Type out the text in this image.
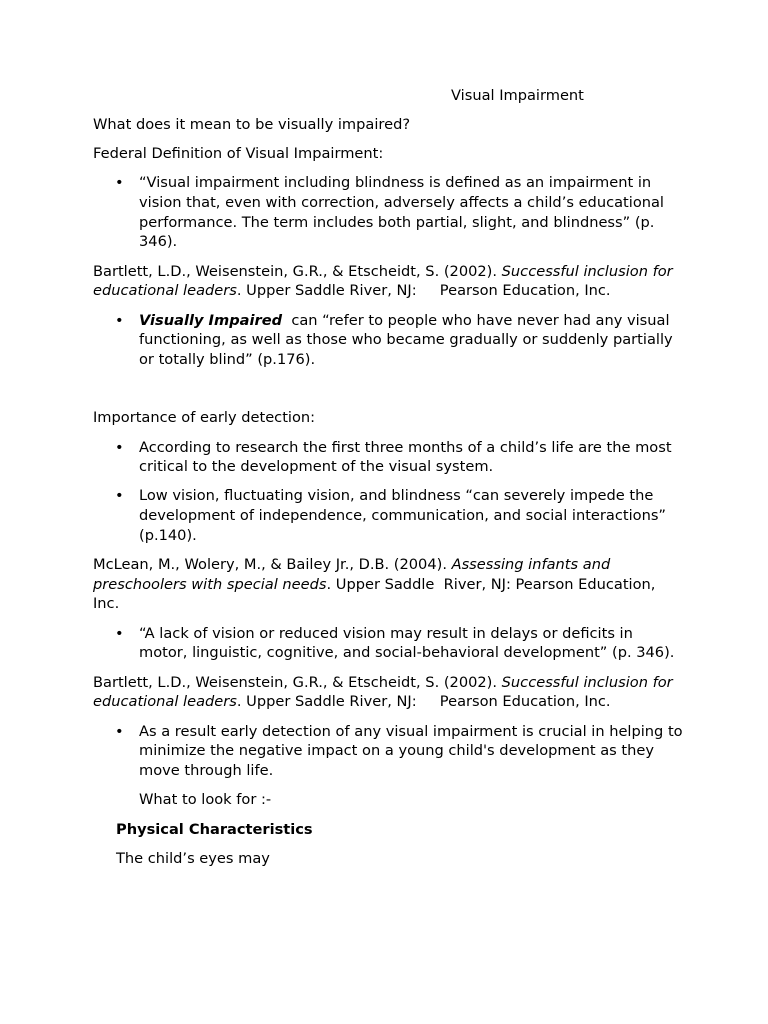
Visual Impairment

What does it mean to be visually impaired?

Federal Definition of Visual Impairment:

• “Visual impairment including blindness is defined as an impairment in vision that, even with correction, adversely affects a child’s educational performance. The term includes both partial, slight, and blindness” (p. 346).

Bartlett, L.D., Weisenstein, G.R., & Etscheidt, S. (2002). Successful inclusion for educational leaders. Upper Saddle River, NJ:     Pearson Education, Inc.

• Visually Impaired  can “refer to people who have never had any visual functioning, as well as those who became gradually or suddenly partially or totally blind” (p.176).

Importance of early detection:

• According to research the first three months of a child’s life are the most critical to the development of the visual system.
• Low vision, fluctuating vision, and blindness “can severely impede the development of independence, communication, and social interactions” (p.140).

McLean, M., Wolery, M., & Bailey Jr., D.B. (2004). Assessing infants and preschoolers with special needs. Upper Saddle  River, NJ: Pearson Education, Inc.

• “A lack of vision or reduced vision may result in delays or deficits in motor, linguistic, cognitive, and social-behavioral development” (p. 346).

Bartlett, L.D., Weisenstein, G.R., & Etscheidt, S. (2002). Successful inclusion for educational leaders. Upper Saddle River, NJ:     Pearson Education, Inc.

• As a result early detection of any visual impairment is crucial in helping to minimize the negative impact on a young child's development as they move through life.

What to look for :-

Physical Characteristics

The child’s eyes may
